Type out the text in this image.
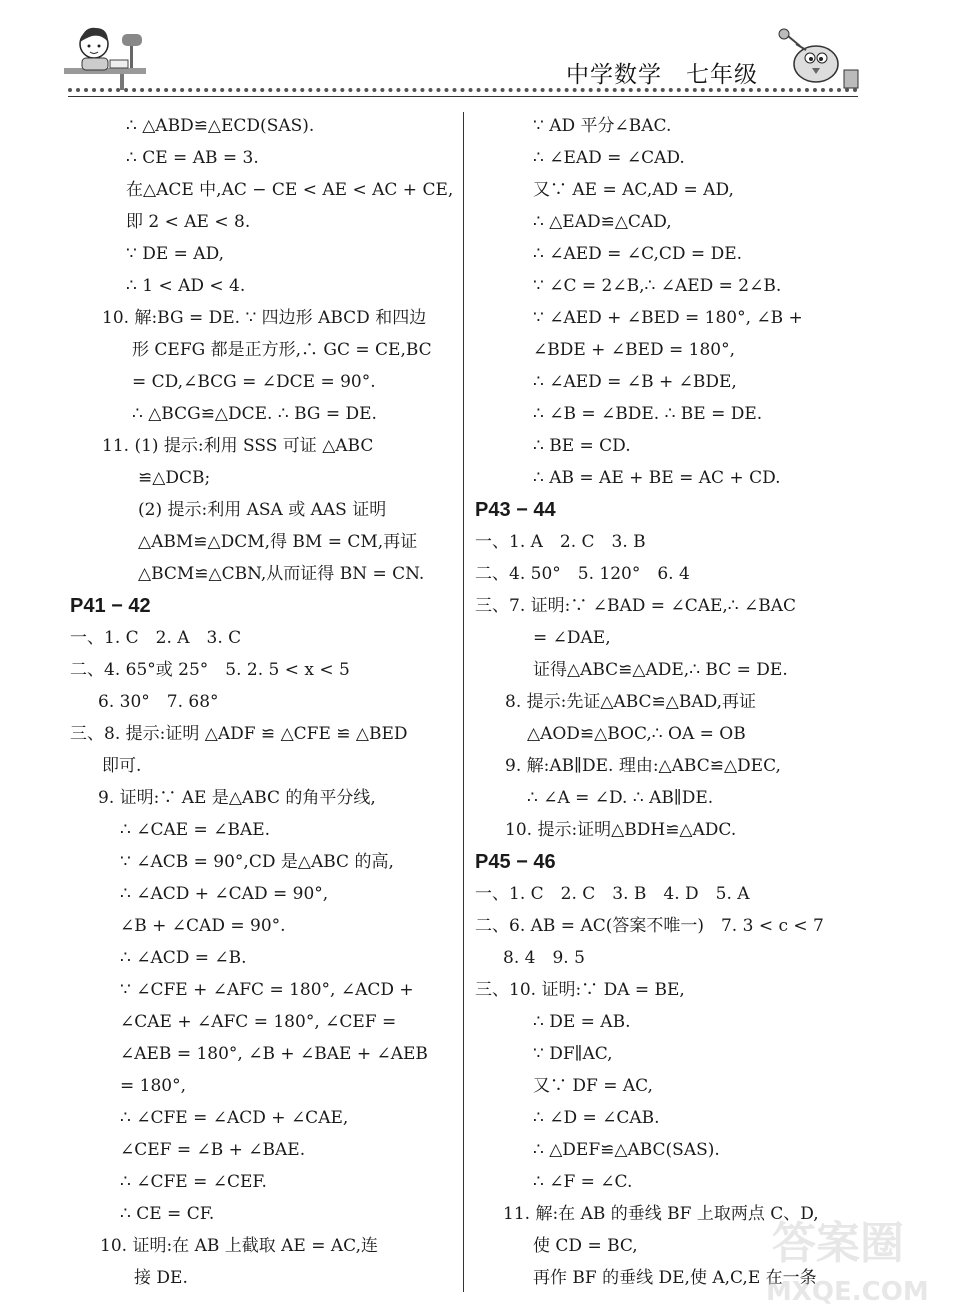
中学数学　七年级
∴ △ABD≌△ECD(SAS).
∴ CE = AB = 3.
在△ACE 中,AC − CE < AE < AC + CE,
即 2 < AE < 8.
∵ DE = AD,
∴ 1 < AD < 4.
10. 解:BG = DE. ∵ 四边形 ABCD 和四边
形 CEFG 都是正方形,∴ GC = CE,BC
= CD,∠BCG = ∠DCE = 90°.
∴ △BCG≌△DCE. ∴ BG = DE.
11. (1) 提示:利用 SSS 可证 △ABC
≌△DCB;
(2) 提示:利用 ASA 或 AAS 证明
△ABM≌△DCM,得 BM = CM,再证
△BCM≌△CBN,从而证得 BN = CN.
P41 − 42
一、1. C　2. A　3. C
二、4. 65°或 25°　5. 2. 5 < x < 5
6. 30°　7. 68°
三、8. 提示:证明 △ADF ≌ △CFE ≌ △BED
即可.
9. 证明:∵ AE 是△ABC 的角平分线,
∴ ∠CAE = ∠BAE.
∵ ∠ACB = 90°,CD 是△ABC 的高,
∴ ∠ACD + ∠CAD = 90°,
∠B + ∠CAD = 90°.
∴ ∠ACD = ∠B.
∵ ∠CFE + ∠AFC = 180°, ∠ACD +
∠CAE + ∠AFC = 180°, ∠CEF =
∠AEB = 180°, ∠B + ∠BAE + ∠AEB
= 180°,
∴ ∠CFE = ∠ACD + ∠CAE,
∠CEF = ∠B + ∠BAE.
∴ ∠CFE = ∠CEF.
∴ CE = CF.
10. 证明:在 AB 上截取 AE = AC,连
接 DE.
∵ AD 平分∠BAC.
∴ ∠EAD = ∠CAD.
又∵ AE = AC,AD = AD,
∴ △EAD≌△CAD,
∴ ∠AED = ∠C,CD = DE.
∵ ∠C = 2∠B,∴ ∠AED = 2∠B.
∵ ∠AED + ∠BED = 180°, ∠B +
∠BDE + ∠BED = 180°,
∴ ∠AED = ∠B + ∠BDE,
∴ ∠B = ∠BDE. ∴ BE = DE.
∴ BE = CD.
∴ AB = AE + BE = AC + CD.
P43 − 44
一、1. A　2. C　3. B
二、4. 50°　5. 120°　6. 4
三、7. 证明:∵ ∠BAD = ∠CAE,∴ ∠BAC
= ∠DAE,
证得△ABC≌△ADE,∴ BC = DE.
8. 提示:先证△ABC≌△BAD,再证
△AOD≌△BOC,∴ OA = OB
9. 解:AB∥DE. 理由:△ABC≌△DEC,
∴ ∠A = ∠D. ∴ AB∥DE.
10. 提示:证明△BDH≌△ADC.
P45 − 46
一、1. C　2. C　3. B　4. D　5. A
二、6. AB = AC(答案不唯一)　7. 3 < c < 7
8. 4　9. 5
三、10. 证明:∵ DA = BE,
∴ DE = AB.
∵ DF∥AC,
又∵ DF = AC,
∴ ∠D = ∠CAB.
∴ △DEF≌△ABC(SAS).
∴ ∠F = ∠C.
11. 解:在 AB 的垂线 BF 上取两点 C、D,
使 CD = BC,
再作 BF 的垂线 DE,使 A,C,E 在一条
答案圈
MXQE.COM
